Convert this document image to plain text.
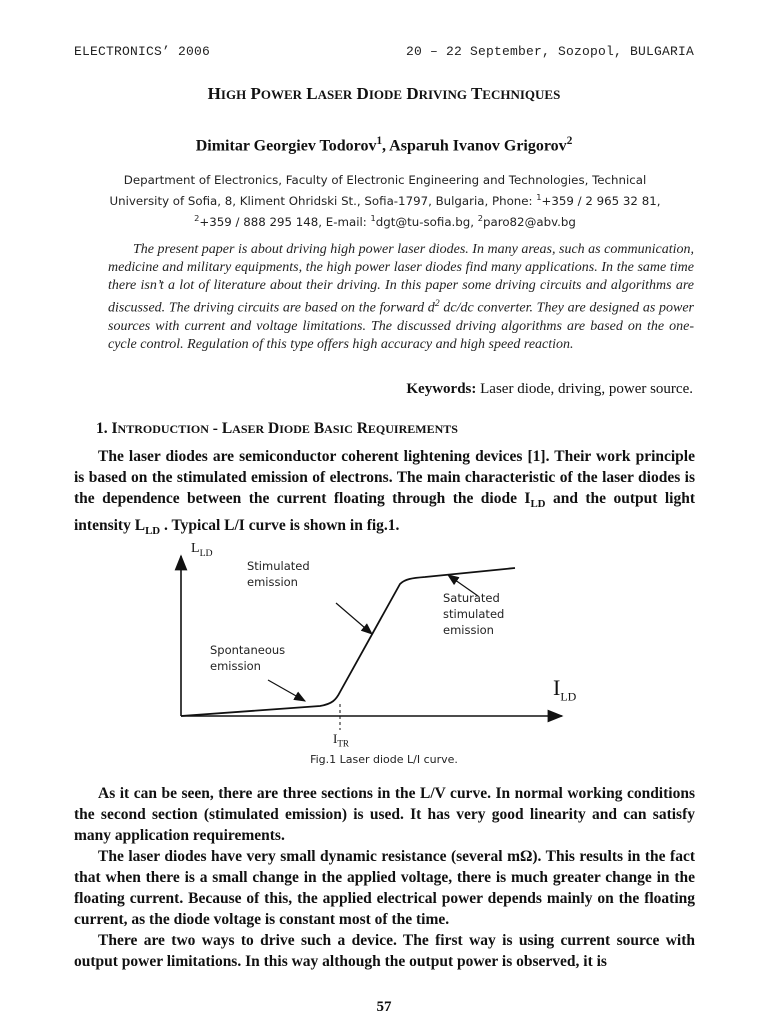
ELECTRONICS’ 2006	20 – 22 September, Sozopol, BULGARIA
HIGH POWER LASER DIODE DRIVING TECHNIQUES
Dimitar Georgiev Todorov$^1$, Asparuh Ivanov Grigorov$^2$
Department of Electronics, Faculty of Electronic Engineering and Technologies, Technical
University of Sofia, 8, Kliment Ohridski St., Sofia-1797, Bulgaria, Phone: $^1$+359 / 2 965 32 81,
$^2$+359 / 888 295 148, E-mail: $^1$dgt@tu-sofia.bg, $^2$paro82@abv.bg
The present paper is about driving high power laser diodes. In many areas, such as communication, medicine and military equipments, the high power laser diodes find many applications. In the same time there isn’t a lot of literature about their driving. In this paper some driving circuits and algorithms are discussed. The driving circuits are based on the forward $d^2$ dc/dc converter. They are designed as power sources with current and voltage limitations. The discussed driving algorithms are based on the one-cycle control. Regulation of this type offers high accuracy and high speed reaction.
Keywords: Laser diode, driving, power source.
1. INTRODUCTION - LASER DIODE BASIC REQUIREMENTS
The laser diodes are semiconductor coherent lightening devices [1]. Their work principle is based on the stimulated emission of electrons. The main characteristic of the laser diodes is the dependence between the current floating through the diode $I_{LD}$ and the output light intensity $L_{LD}$ . Typical L/I curve is shown in fig.1.
$L_{LD}$
$I_{LD}$
$I_{TR}$
Stimulated
emission
Spontaneous
emission
Saturated
stimulated
emission
Fig.1 Laser diode L/I curve.
As it can be seen, there are three sections in the L/V curve. In normal working conditions the second section (stimulated emission) is used. It has very good linearity and can satisfy many application requirements.
The laser diodes have very small dynamic resistance (several mΩ). This results in the fact that when there is a small change in the applied voltage, there is much greater change in the floating current. Because of this, the applied electrical power depends mainly on the floating current, as the diode voltage is constant most of the time.
There are two ways to drive such a device. The first way is using current source with output power limitations. In this way although the output power is observed, it is
57
